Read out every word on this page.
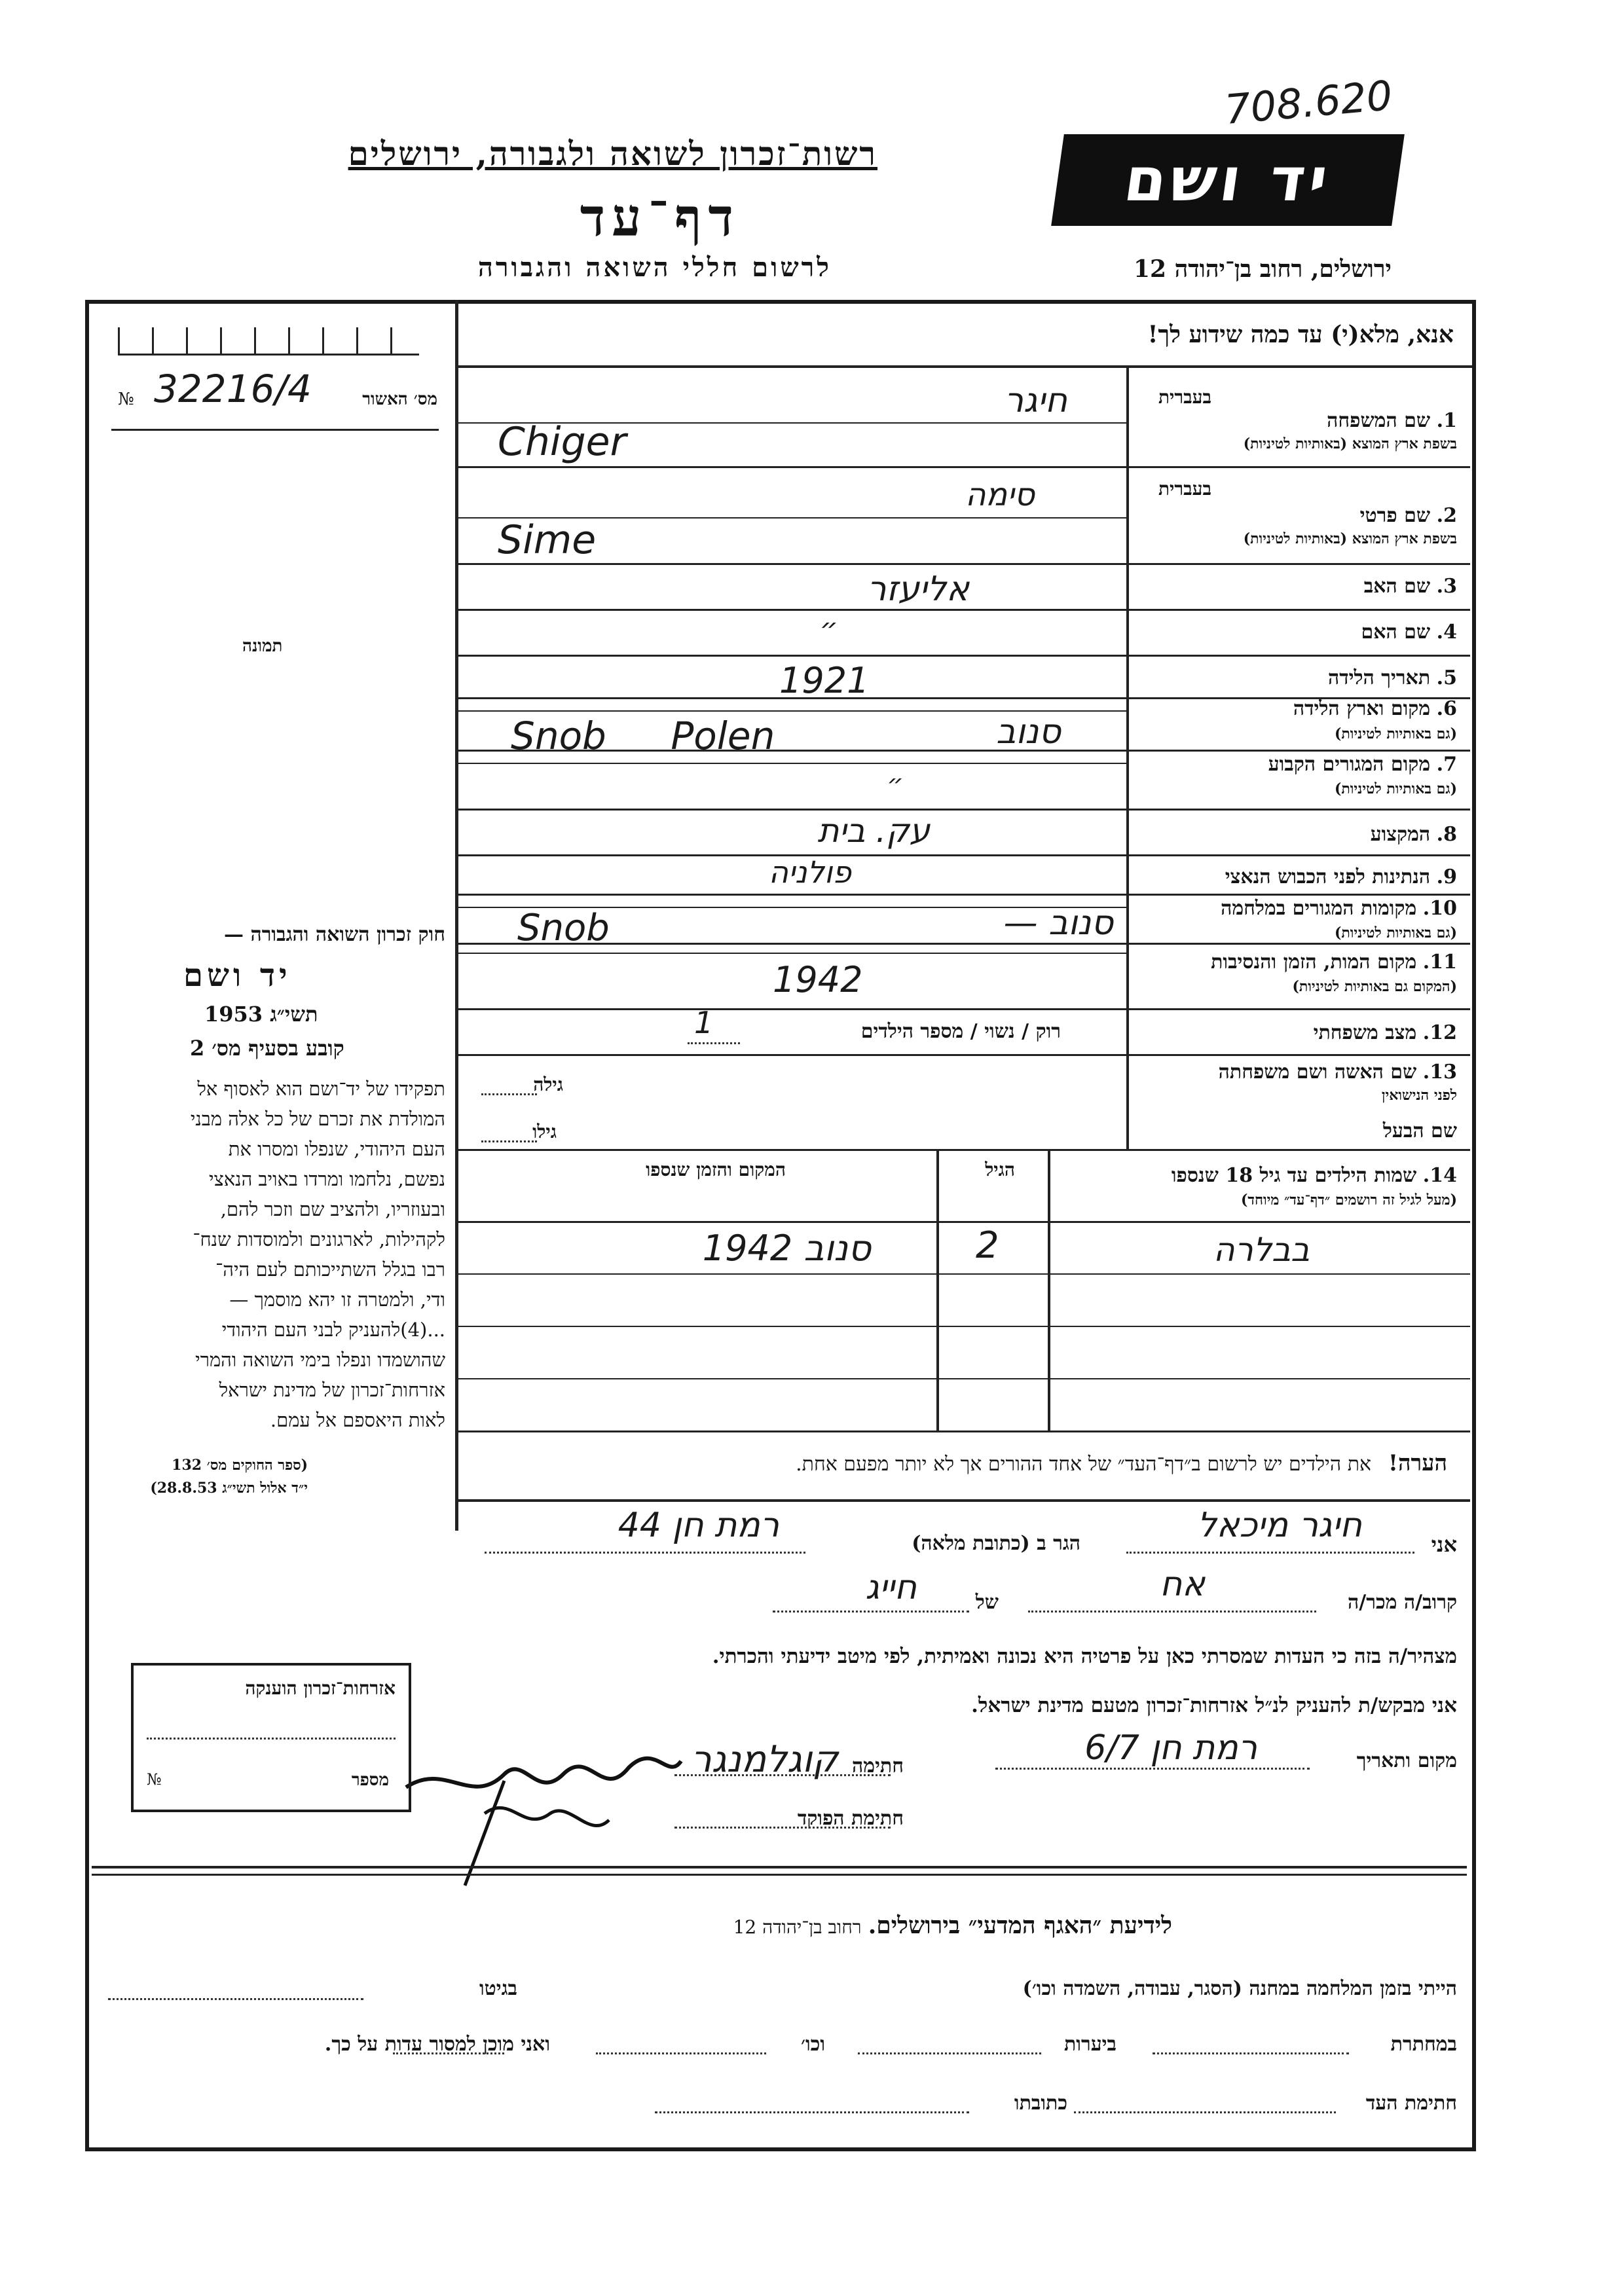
708.620
רשות־זכרון לשואה ולגבורה, ירושלים
דף־עד
לרשום חללי השואה והגבורה
יד ושם
ירושלים, רחוב בן־יהודה 12
אנא, מלא(י) עד כמה שידוע לך!
№ 32216/4	מס׳ האשור
תמונה
חוק זכרון השואה והגבורה —
יד ושם
תשי״ג 1953
קובע בסעיף מס׳ 2
תפקידו של יד־ושם הוא לאסוף אל
המולדת את זכרם של כל אלה מבני
העם היהודי, שנפלו ומסרו את
נפשם, נלחמו ומרדו באויב הנאצי
ובעוזריו, ולהציב שם וזכר להם,
לקהילות, לארגונים ולמוסדות שנח־
רבו בגלל השתייכותם לעם היה־
ודי, ולמטרה זו יהא מוסמך —
...(4)להעניק לבני העם היהודי
שהושמדו ונפלו בימי השואה והמרי
אזרחות־זכרון של מדינת ישראל
לאות היאספם אל עמם.
(ספר החוקים מס׳ 132
י״ד אלול תשי״ג 28.8.53)
בעברית
1. שם המשפחה
בשפת ארץ המוצא (באותיות לטיניות)
חיגר
Chiger
בעברית
2. שם פרטי
בשפת ארץ המוצא (באותיות לטיניות)
סימה
Sime
3. שם האב
אליעזר
4. שם האם
״
5. תאריך הלידה
1921
6. מקום וארץ הלידה
(גם באותיות לטיניות)
סנוב
Snob Polen
7. מקום המגורים הקבוע
(גם באותיות לטיניות)
״
8. המקצוע
עק. בית
9. הנתינות לפני הכבוש הנאצי
פולניה
10. מקומות המגורים במלחמה
(גם באותיות לטיניות)
סנוב —
Snob
11. מקום המות, הזמן והנסיבות
(המקום גם באותיות לטיניות)
1942
12. מצב משפחתי
רוק / נשוי / מספר הילדים
1
13. שם האשה ושם משפחתה
לפני הנישואין
גילה
שם הבעל
גילו
14. שמות הילדים עד גיל 18 שנספו
(מעל לגיל זה רושמים ״דף־עד״ מיוחד)
הגיל
המקום והזמן שנספו
בבלרה
2
סנוב 1942
הערה!את הילדים יש לרשום ב״דף־העד״ של אחד ההורים אך לא יותר מפעם אחת.
אני
חיגר מיכאל
הגר ב (כתובת מלאה)
רמת חן 44
קרוב/ה מכר/ה
אח
של
חייג
מצהיר/ה בזה כי העדות שמסרתי כאן על פרטיה היא נכונה ואמיתית, לפי מיטב ידיעתי והכרתי.
אני מבקש/ת להעניק לנ״ל אזרחות־זכרון מטעם מדינת ישראל.
מקום ותאריך
רמת חן 6/7
חתימה
קוגלמנגר
חתימת הפוקד
אזרחות־זכרון הוענקה
מספר
№
לידיעת ״האגף המדעי״ בירושלים. רחוב בן־יהודה 12
הייתי בזמן המלחמה במחנה (הסגר, עבודה, השמדה וכו׳)
בגיטו
במחתרת
ביערות
וכו׳
ואני מוכן למסור עדות על כך.
חתימת העד
כתובתו
